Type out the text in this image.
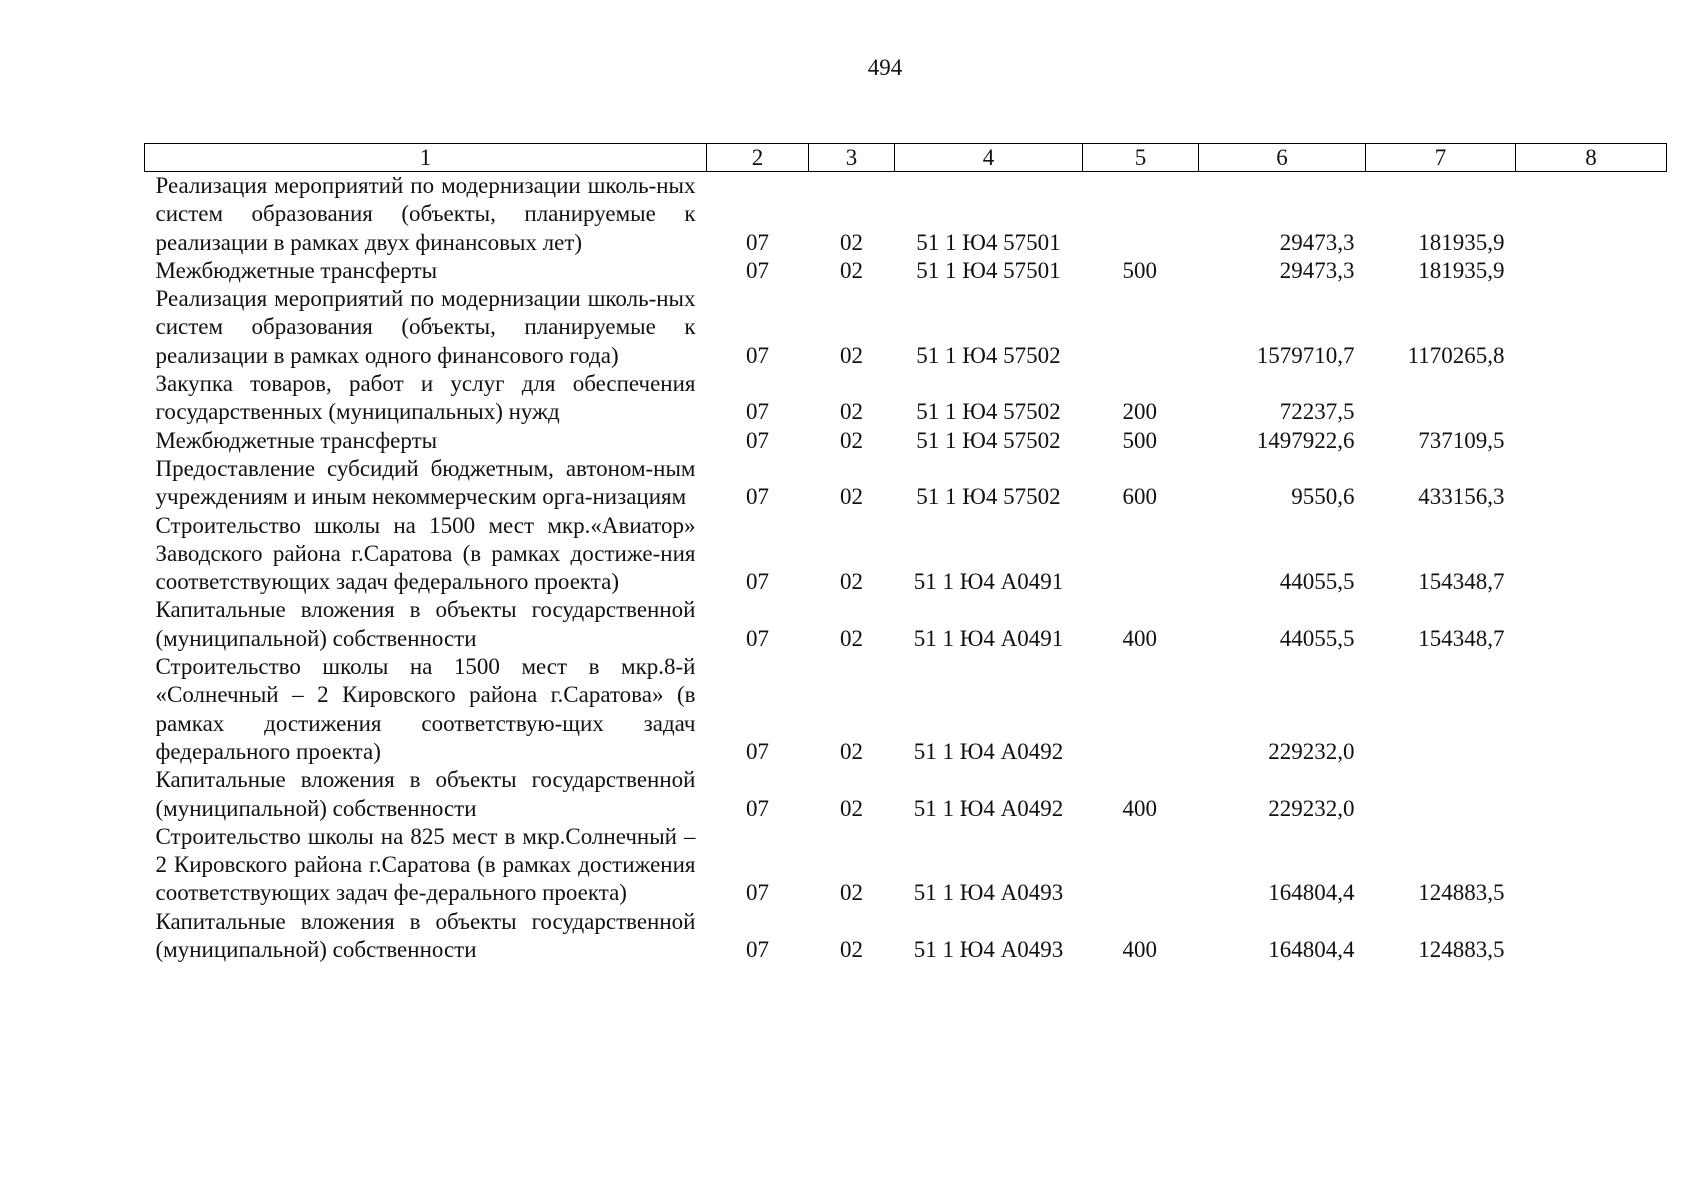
494
1	2	3	4	5	6	7	8
Реализация мероприятий по модернизации школь-ных систем образования (объекты, планируемые к реализации в рамках двух финансовых лет)	07	02	51 1 Ю4 57501		29473,3	181935,9	
Межбюджетные трансферты	07	02	51 1 Ю4 57501	500	29473,3	181935,9	
Реализация мероприятий по модернизации школь-ных систем образования (объекты, планируемые к реализации в рамках одного финансового года)	07	02	51 1 Ю4 57502		1579710,7	1170265,8	
Закупка товаров, работ и услуг для обеспечения государственных (муниципальных) нужд	07	02	51 1 Ю4 57502	200	72237,5		
Межбюджетные трансферты	07	02	51 1 Ю4 57502	500	1497922,6	737109,5	
Предоставление субсидий бюджетным, автоном-ным учреждениям и иным некоммерческим орга-низациям	07	02	51 1 Ю4 57502	600	9550,6	433156,3	
Строительство школы на 1500 мест мкр.«Авиатор» Заводского района г.Саратова (в рамках достиже-ния соответствующих задач федерального проекта)	07	02	51 1 Ю4 А0491		44055,5	154348,7	
Капитальные вложения в объекты государственной (муниципальной) собственности	07	02	51 1 Ю4 А0491	400	44055,5	154348,7	
Строительство школы на 1500 мест в мкр.8-й «Солнечный – 2 Кировского района г.Саратова» (в рамках достижения соответствую-щих задач федерального проекта)	07	02	51 1 Ю4 А0492		229232,0		
Капитальные вложения в объекты государственной (муниципальной) собственности	07	02	51 1 Ю4 А0492	400	229232,0		
Строительство школы на 825 мест в мкр.Солнечный – 2 Кировского района г.Саратова (в рамках достижения соответствующих задач фе-дерального проекта)	07	02	51 1 Ю4 А0493		164804,4	124883,5	
Капитальные вложения в объекты государственной (муниципальной) собственности	07	02	51 1 Ю4 А0493	400	164804,4	124883,5	
